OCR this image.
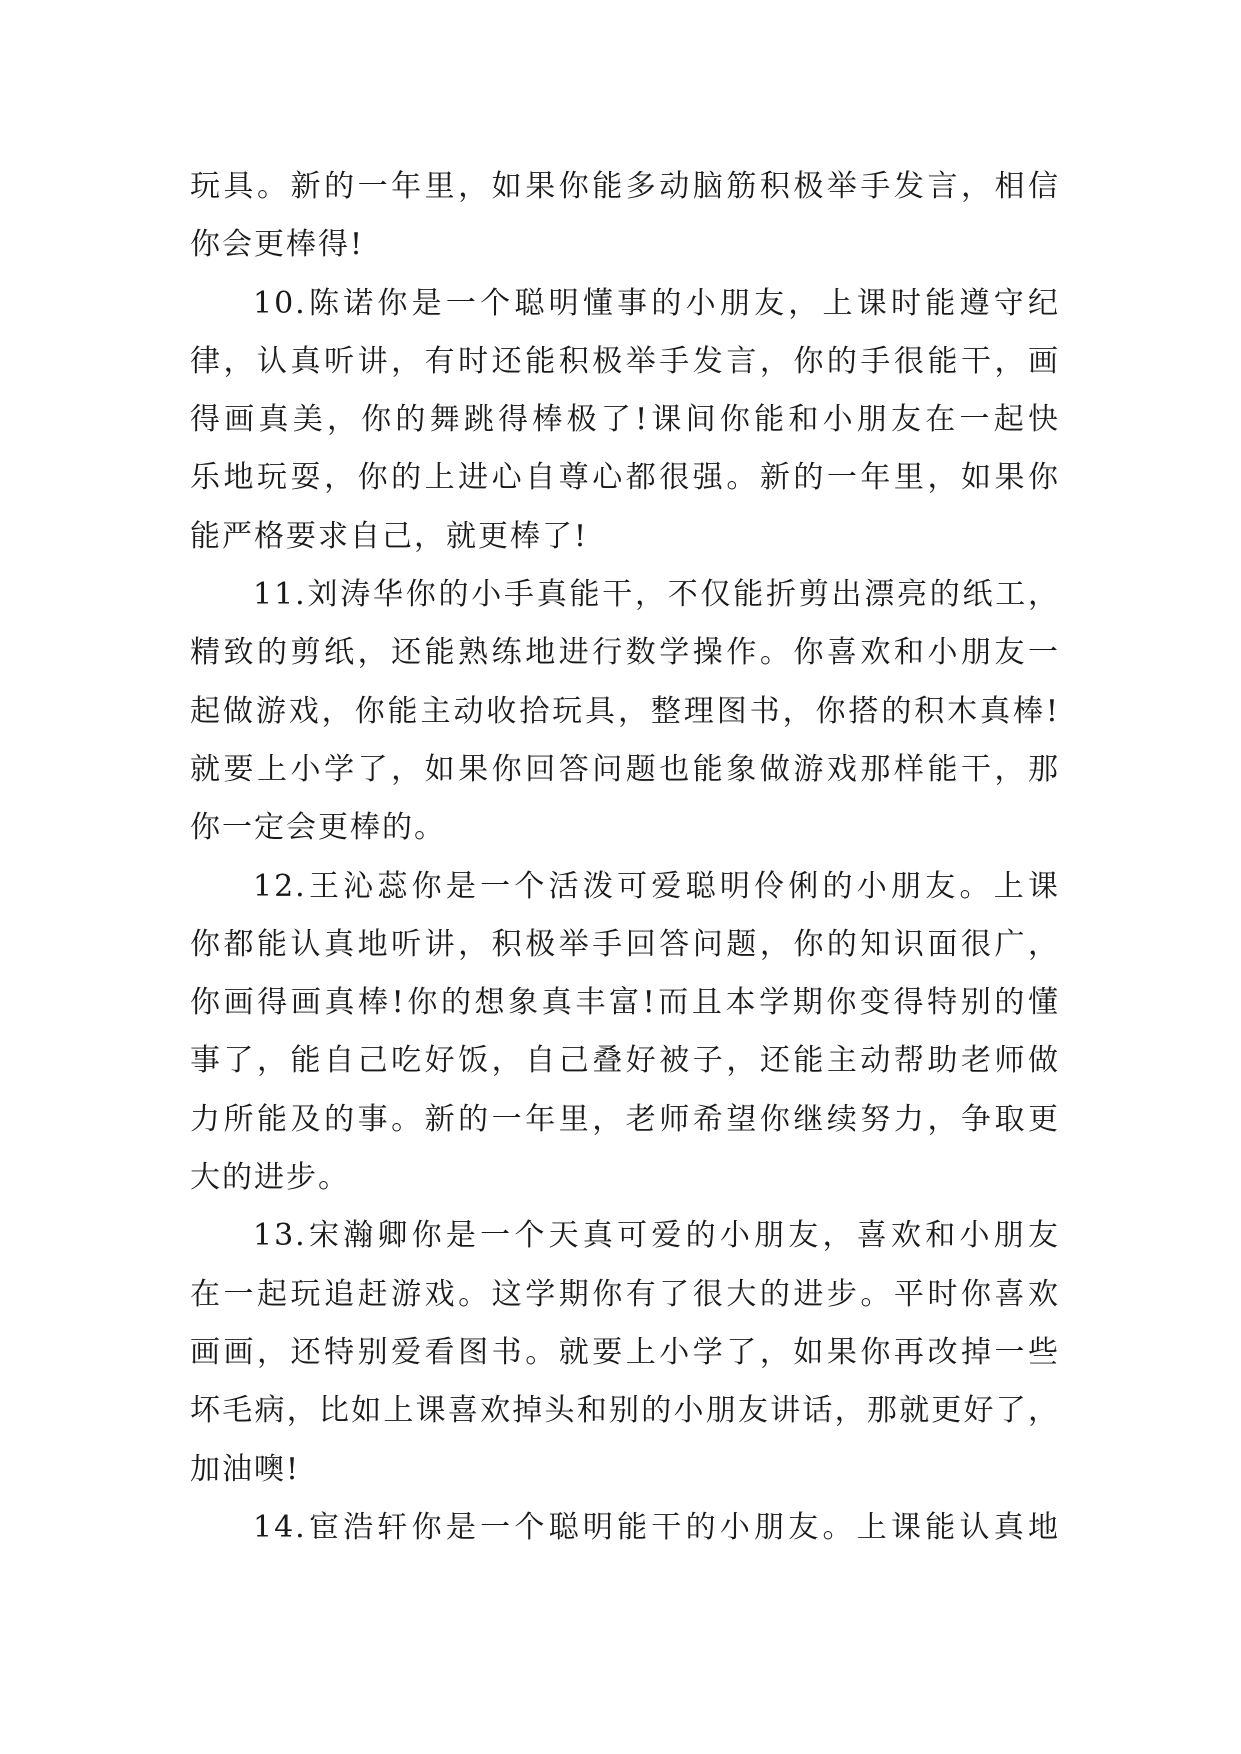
玩具。新的一年里，如果你能多动脑筋积极举手发言，相信
你会更棒得!
10.陈诺你是一个聪明懂事的小朋友，上课时能遵守纪
律，认真听讲，有时还能积极举手发言，你的手很能干，画
得画真美，你的舞跳得棒极了!课间你能和小朋友在一起快
乐地玩耍，你的上进心自尊心都很强。新的一年里，如果你
能严格要求自己，就更棒了!
11.刘涛华你的小手真能干，不仅能折剪出漂亮的纸工，
精致的剪纸，还能熟练地进行数学操作。你喜欢和小朋友一
起做游戏，你能主动收拾玩具，整理图书，你搭的积木真棒!
就要上小学了，如果你回答问题也能象做游戏那样能干，那
你一定会更棒的。
12.王沁蕊你是一个活泼可爱聪明伶俐的小朋友。上课
你都能认真地听讲，积极举手回答问题，你的知识面很广，
你画得画真棒!你的想象真丰富!而且本学期你变得特别的懂
事了，能自己吃好饭，自己叠好被子，还能主动帮助老师做
力所能及的事。新的一年里，老师希望你继续努力，争取更
大的进步。
13.宋瀚卿你是一个天真可爱的小朋友，喜欢和小朋友
在一起玩追赶游戏。这学期你有了很大的进步。平时你喜欢
画画，还特别爱看图书。就要上小学了，如果你再改掉一些
坏毛病，比如上课喜欢掉头和别的小朋友讲话，那就更好了，
加油噢!
14.宦浩轩你是一个聪明能干的小朋友。上课能认真地
